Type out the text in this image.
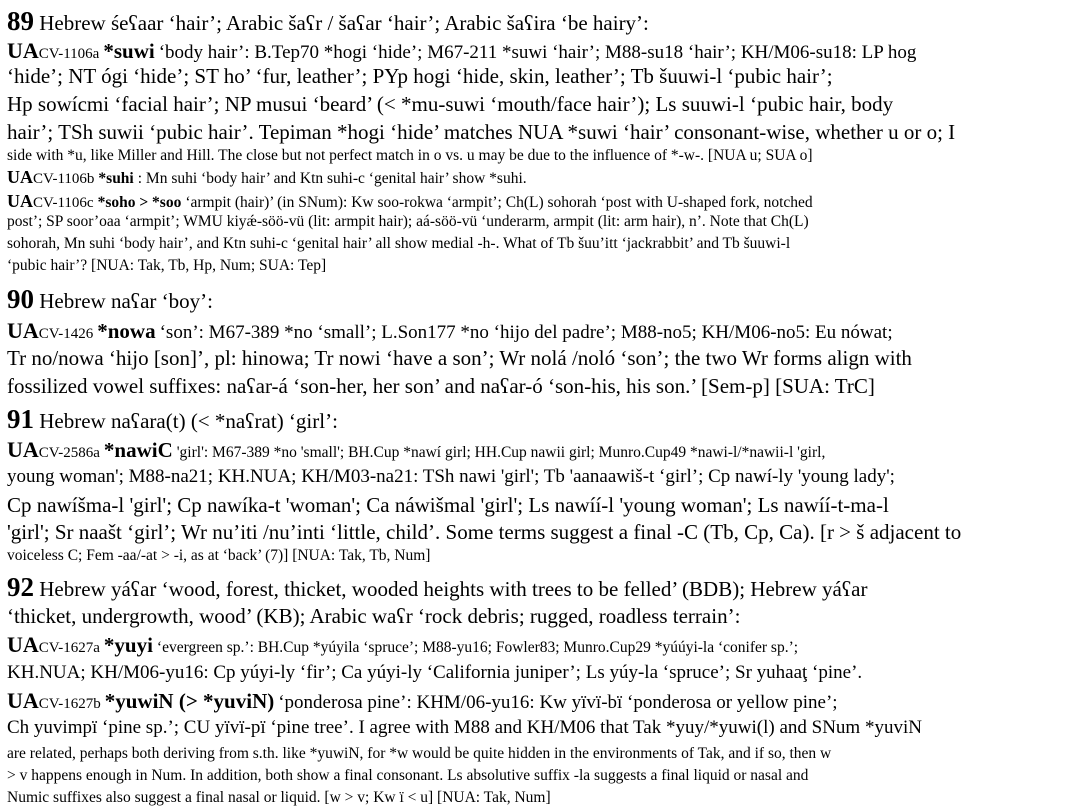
89 Hebrew śeʕaar ‘hair’; Arabic šaʕr / šaʕar ‘hair’; Arabic šaʕira ‘be hairy’:
UACV-1106a *suwi ‘body hair’: B.Tep70 *hogi ‘hide’; M67-211 *suwi ‘hair’; M88-su18 ‘hair’; KH/M06-su18: LP hog
‘hide’; NT ógi ‘hide’; ST ho’ ‘fur, leather’; PYp hogi ‘hide, skin, leather’; Tb šuuwi-l ‘pubic hair’;
Hp sowícmi ‘facial hair’; NP musui ‘beard’ (< *mu-suwi ‘mouth/face hair’); Ls suuwi-l ‘pubic hair, body
hair’; TSh suwii ‘pubic hair’. Tepiman *hogi ‘hide’ matches NUA *suwi ‘hair’ consonant-wise, whether u or o; I
side with *u, like Miller and Hill. The close but not perfect match in o vs. u may be due to the influence of *-w-. [NUA u; SUA o]
UACV-1106b *suhi : Mn suhi ‘body hair’ and Ktn suhi-c ‘genital hair’ show *suhi.
UACV-1106c *soho > *soo ‘armpit (hair)’ (in SNum): Kw soo-rokwa ‘armpit’; Ch(L) sohorah ‘post with U-shaped fork, notched
post’; SP soor’oaa ‘armpit’; WMU kiyǽ-söö-vü (lit: armpit hair); aá-söö-vü ‘underarm, armpit (lit: arm hair), n’. Note that Ch(L)
sohorah, Mn suhi ‘body hair’, and Ktn suhi-c ‘genital hair’ all show medial -h-. What of Tb šuu’itt ‘jackrabbit’ and Tb šuuwi-l
‘pubic hair’? [NUA: Tak, Tb, Hp, Num; SUA: Tep]
90 Hebrew naʕar ‘boy’:
UACV-1426 *nowa ‘son’: M67-389 *no ‘small’; L.Son177 *no ‘hijo del padre’; M88-no5; KH/M06-no5: Eu nówat;
Tr no/nowa ‘hijo [son]’, pl: hinowa; Tr nowi ‘have a son’; Wr nolá /noló ‘son’; the two Wr forms align with
fossilized vowel suffixes: naʕar-á ‘son-her, her son’ and naʕar-ó ‘son-his, his son.’ [Sem-p] [SUA: TrC]
91 Hebrew naʕara(t) (< *naʕrat) ‘girl’:
UACV-2586a *nawiC 'girl': M67-389 *no 'small'; BH.Cup *nawí girl; HH.Cup nawii girl; Munro.Cup49 *nawi-l/*nawii-l 'girl,
young woman'; M88-na21; KH.NUA; KH/M03-na21: TSh nawi 'girl'; Tb 'aanaawiš-t ‘girl’; Cp nawí-ly 'young lady';
Cp nawíšma-l 'girl'; Cp nawíka-t 'woman'; Ca náwišmal 'girl'; Ls nawíí-l 'young woman'; Ls nawíí-t-ma-l
'girl'; Sr naašt ‘girl’; Wr nu’iti /nu’inti ‘little, child’. Some terms suggest a final -C (Tb, Cp, Ca). [r > š adjacent to
voiceless C; Fem -aa/-at > -i, as at ‘back’ (7)] [NUA: Tak, Tb, Num]
92 Hebrew yáʕar ‘wood, forest, thicket, wooded heights with trees to be felled’ (BDB); Hebrew yáʕar
‘thicket, undergrowth, wood’ (KB); Arabic waʕr ‘rock debris; rugged, roadless terrain’:
UACV-1627a *yuyi ‘evergreen sp.’: BH.Cup *yúyila ‘spruce’; M88-yu16; Fowler83; Munro.Cup29 *yúúyi-la ‘conifer sp.’;
KH.NUA; KH/M06-yu16: Cp yúyi-ly ‘fir’; Ca yúyi-ly ‘California juniper’; Ls yúy-la ‘spruce’; Sr yuhaaţ ‘pine’.
UACV-1627b *yuwiN (> *yuviN) ‘ponderosa pine’: KHM/06-yu16: Kw yïvï-bï ‘ponderosa or yellow pine’;
Ch yuvimpï ‘pine sp.’; CU yïvï-pï ‘pine tree’. I agree with M88 and KH/M06 that Tak *yuy/*yuwi(l) and SNum *yuviN
are related, perhaps both deriving from s.th. like *yuwiN, for *w would be quite hidden in the environments of Tak, and if so, then w
> v happens enough in Num. In addition, both show a final consonant. Ls absolutive suffix -la suggests a final liquid or nasal and
Numic suffixes also suggest a final nasal or liquid. [w > v; Kw ï < u] [NUA: Tak, Num]
